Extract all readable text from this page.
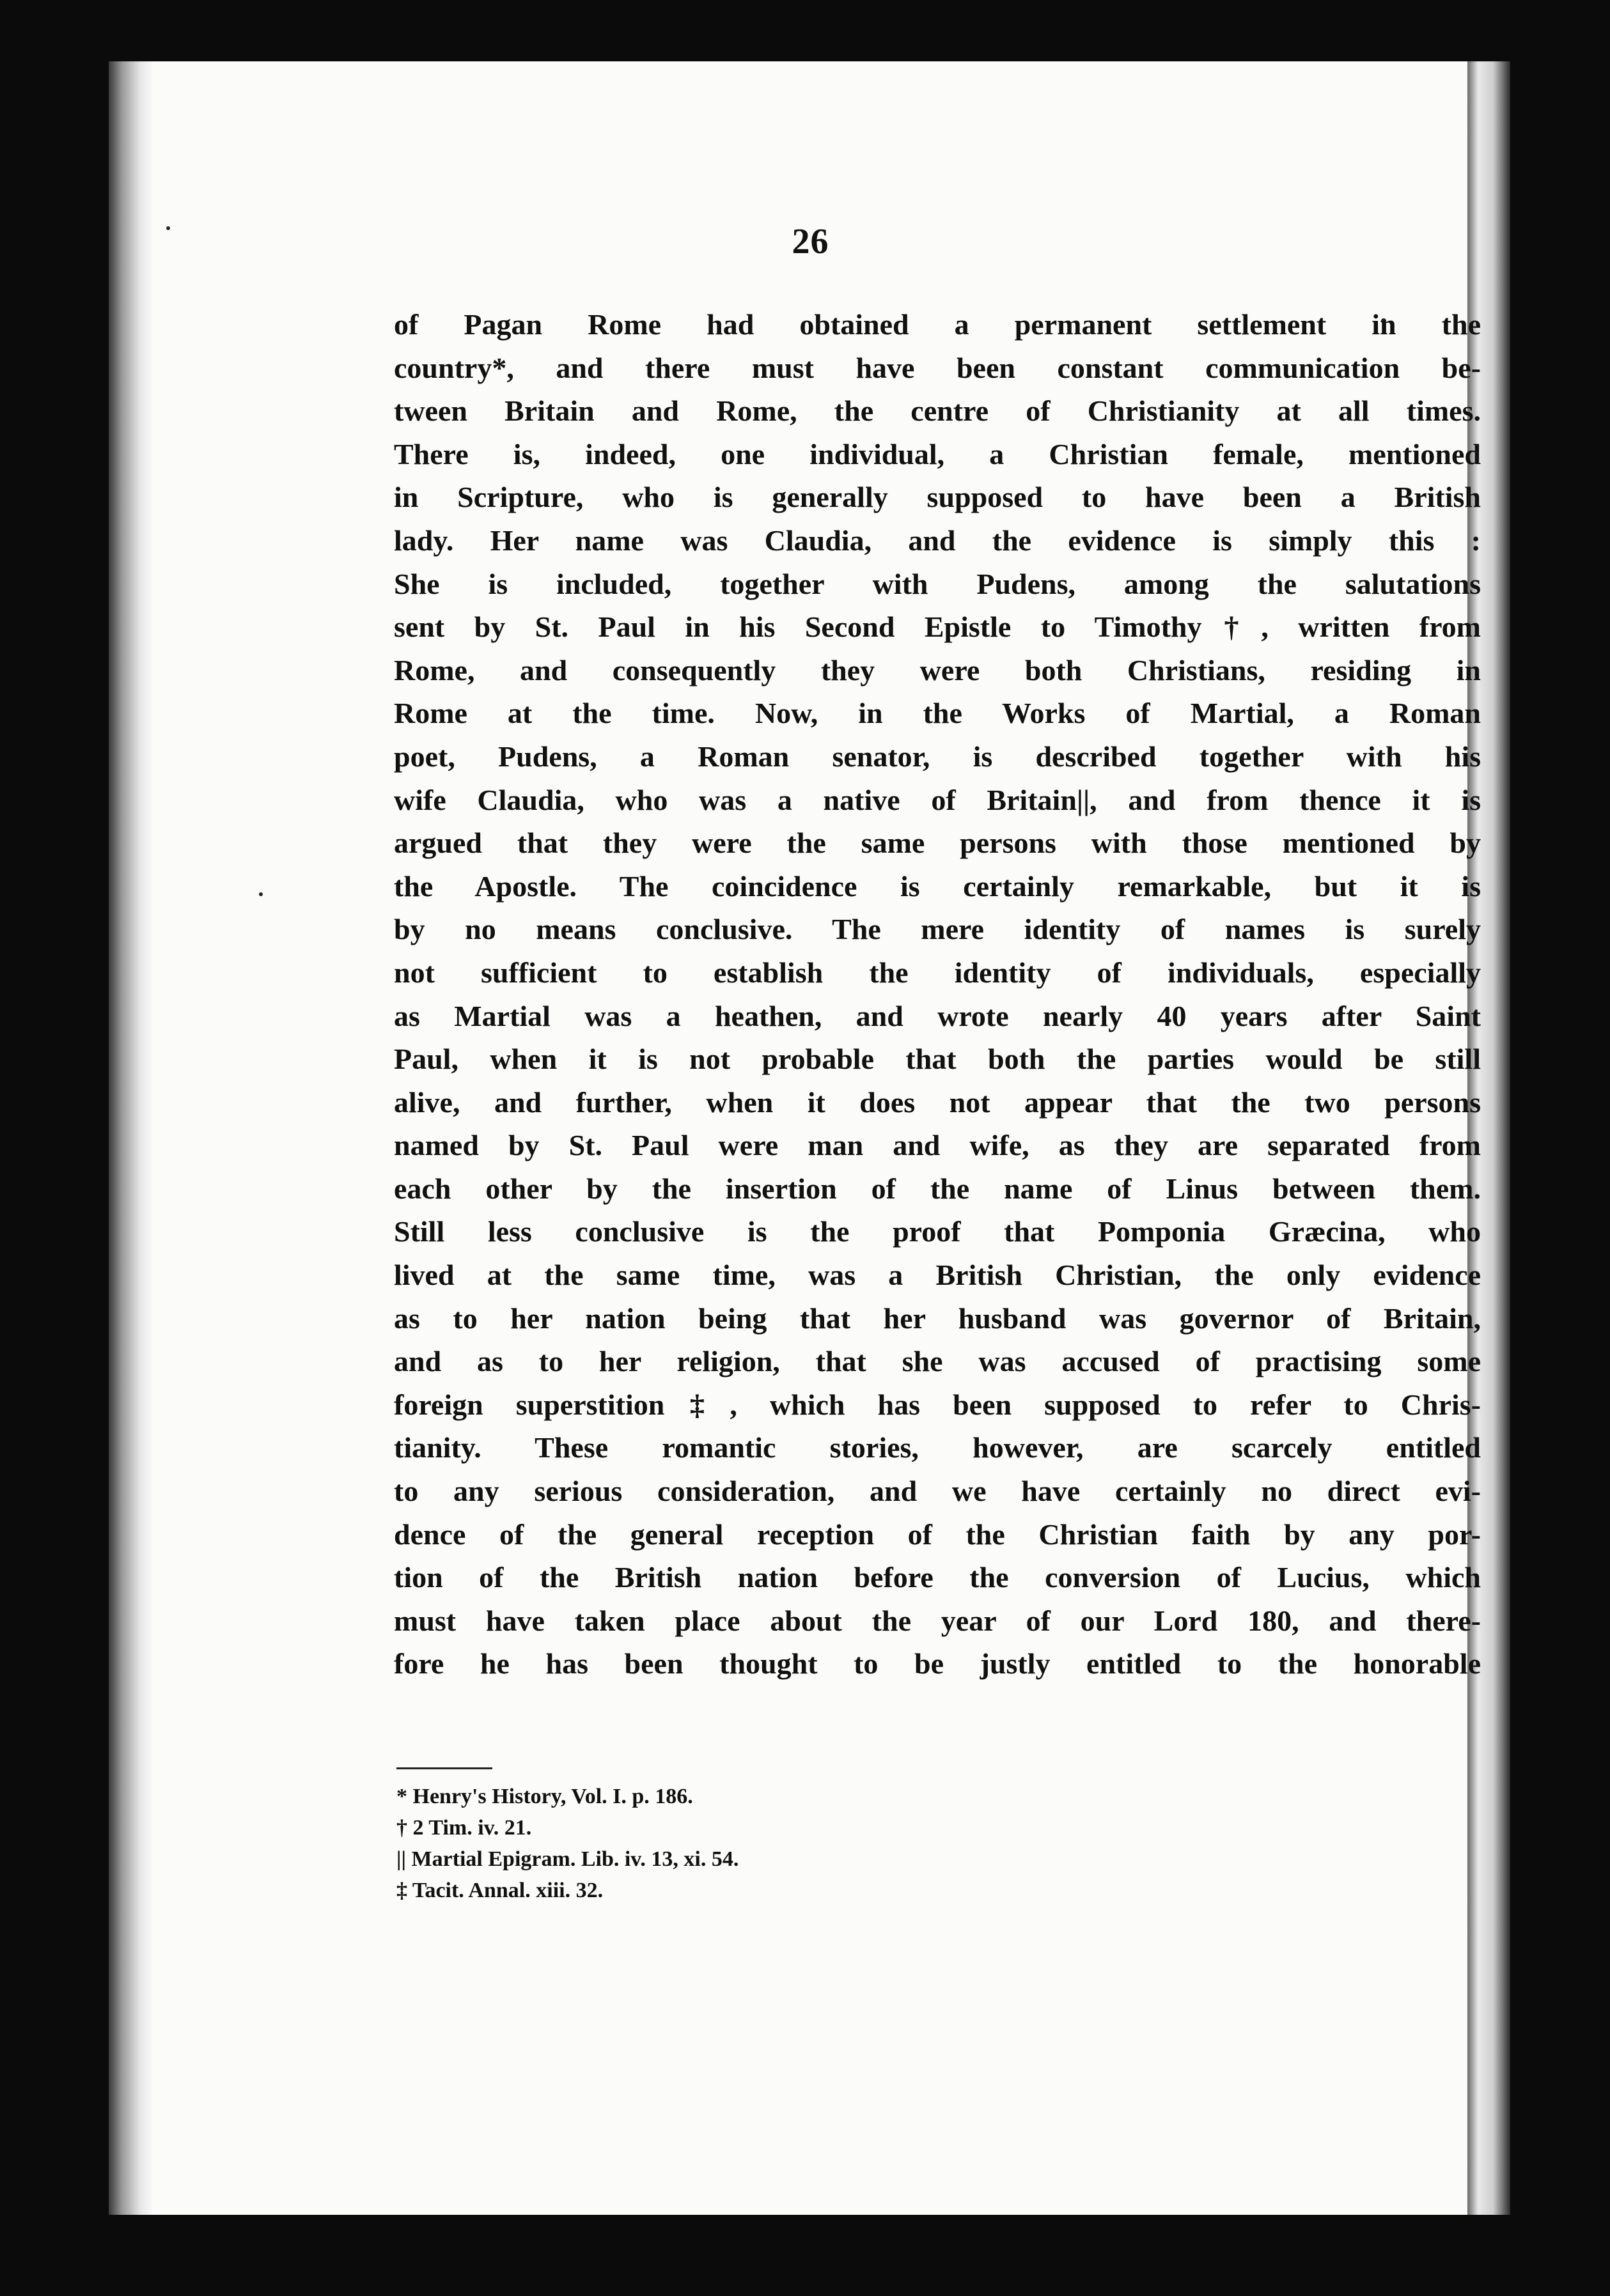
26
of Pagan Rome had obtained a permanent settlement in the
country*, and there must have been constant communication be-
tween Britain and Rome, the centre of Christianity at all times.
There is, indeed, one individual, a Christian female, mentioned
in Scripture, who is generally supposed to have been a British
lady. Her name was Claudia, and the evidence is simply this :
She is included, together with Pudens, among the salutations
sent by St. Paul in his Second Epistle to Timothy†, written from
Rome, and consequently they were both Christians, residing in
Rome at the time. Now, in the Works of Martial, a Roman
poet, Pudens, a Roman senator, is described together with his
wife Claudia, who was a native of Britain||, and from thence it is
argued that they were the same persons with those mentioned by
the Apostle. The coincidence is certainly remarkable, but it is
by no means conclusive. The mere identity of names is surely
not sufficient to establish the identity of individuals, especially
as Martial was a heathen, and wrote nearly 40 years after Saint
Paul, when it is not probable that both the parties would be still
alive, and further, when it does not appear that the two persons
named by St. Paul were man and wife, as they are separated from
each other by the insertion of the name of Linus between them.
Still less conclusive is the proof that Pomponia Græcina, who
lived at the same time, was a British Christian, the only evidence
as to her nation being that her husband was governor of Britain,
and as to her religion, that she was accused of practising some
foreign superstition‡, which has been supposed to refer to Chris-
tianity. These romantic stories, however, are scarcely entitled
to any serious consideration, and we have certainly no direct evi-
dence of the general reception of the Christian faith by any por-
tion of the British nation before the conversion of Lucius, which
must have taken place about the year of our Lord 180, and there-
fore he has been thought to be justly entitled to the honorable
* Henry's History, Vol. I. p. 186.
† 2 Tim. iv. 21.
|| Martial Epigram. Lib. iv. 13, xi. 54.
‡ Tacit. Annal. xiii. 32.
